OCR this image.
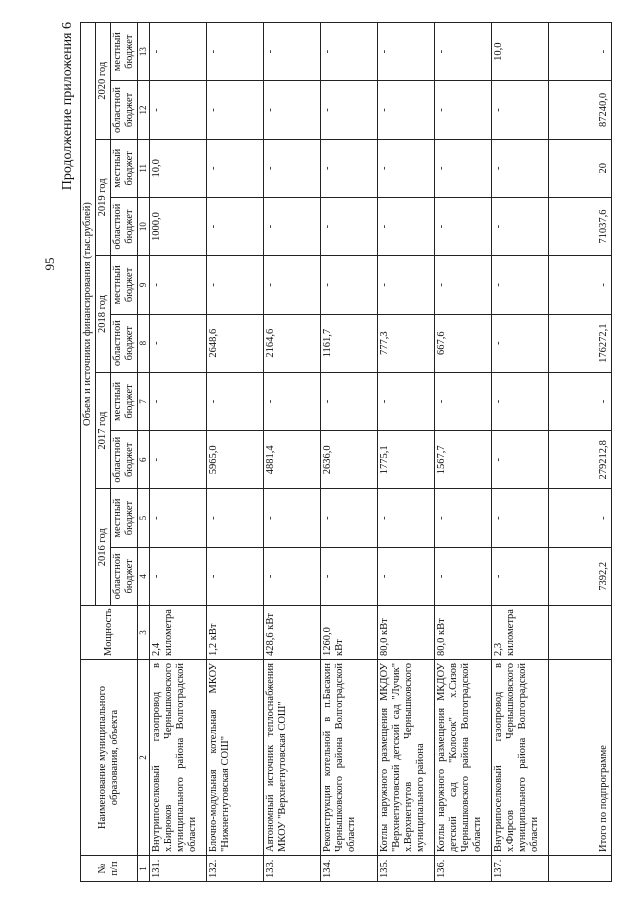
95
Продолжение приложения 6
№ п/п	Наименование муниципального образования, объекта	Мощность	Объем и источники финансирования (тыс.рублей)									
			2016 год		2017 год		2018 год		2019 год		2020 год	
			областной бюджет	местный бюджет	областной бюджет	местный бюджет	областной бюджет	местный бюджет	областной бюджет	местный бюджет	областной бюджет	местный бюджет
1	2	3	4	5	6	7	8	9	10	11	12	13
131.	Внутрипоселковый газопровод в х.Бирюков Чернышковского муниципального района Волгоградской области	2,4 километра	-	-	-	-	-	-	1000,0	10,0	-	-
132.	Блочно-модульная котельная МКОУ "Нижнегнутовская СОШ"	1,2 кВт	-	-	5965,0	-	2648,6	-	-	-	-	-
133.	Автономный источник теплоснабжения МКОУ "Верхнегнутовская СОШ"	428,6 кВт	-	-	4881,4	-	2164,6	-	-	-	-	-
134.	Реконструкция котельной в п.Басакин Чернышковского района Волгоградской области	1260,0 кВт	-	-	2636,0	-	1161,7	-	-	-	-	-
135.	Котлы наружного размещения МКДОУ "Верхнегнутовский детский сад "Лучик" х.Верхнегнутов Чернышковского муниципального района	80,0 кВт	-	-	1775,1	-	777,3	-	-	-	-	-
136.	Котлы наружного размещения МКДОУ детский сад "Колосок" х.Сизов Чернышковского района Волгоградской области	80,0 кВт	-	-	1567,7	-	667,6	-	-	-	-	-
137.	Внутрипоселковый газопровод в х.Фирсов Чернышковского муниципального района Волгоградской области	2,3 километра	-	-	-	-	-	-	-	-	-	10,0
	Итого по подпрограмме		7392,2	-	279212,8	-	176272,1	-	71037,6	20	87240,0	-
